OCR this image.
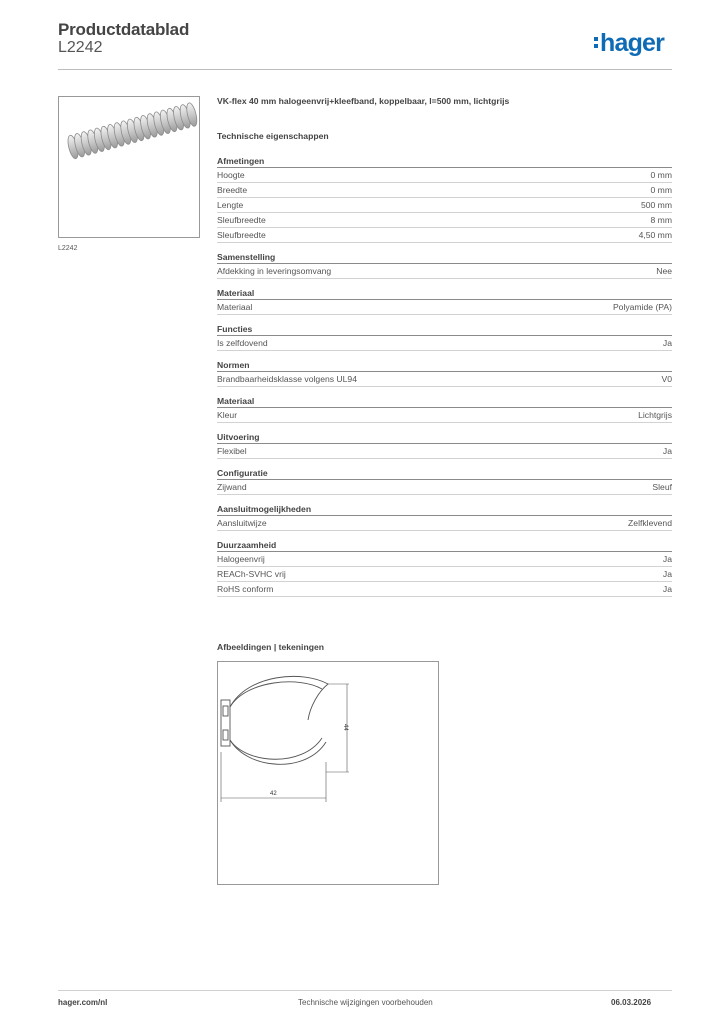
Productdatablad
L2242	hager
L2242
VK-flex 40 mm halogeenvrij+kleefband, koppelbaar, l=500 mm, lichtgrijs
Technische eigenschappen
Afmetingen
Hoogte	0 mm
Breedte	0 mm
Lengte	500 mm
Sleufbreedte	8 mm
Sleufbreedte	4,50 mm
Samenstelling
Afdekking in leveringsomvang	Nee
Materiaal
Materiaal	Polyamide (PA)
Functies
Is zelfdovend	Ja
Normen
Brandbaarheidsklasse volgens UL94	V0
Materiaal
Kleur	Lichtgrijs
Uitvoering
Flexibel	Ja
Configuratie
Zijwand	Sleuf
Aansluitmogelijkheden
Aansluitwijze	Zelfklevend
Duurzaamheid
Halogeenvrij	Ja
REACh-SVHC vrij	Ja
RoHS conform	Ja
Afbeeldingen | tekeningen
44
42
hager.com/nl	Technische wijzigingen voorbehouden	06.03.2026
